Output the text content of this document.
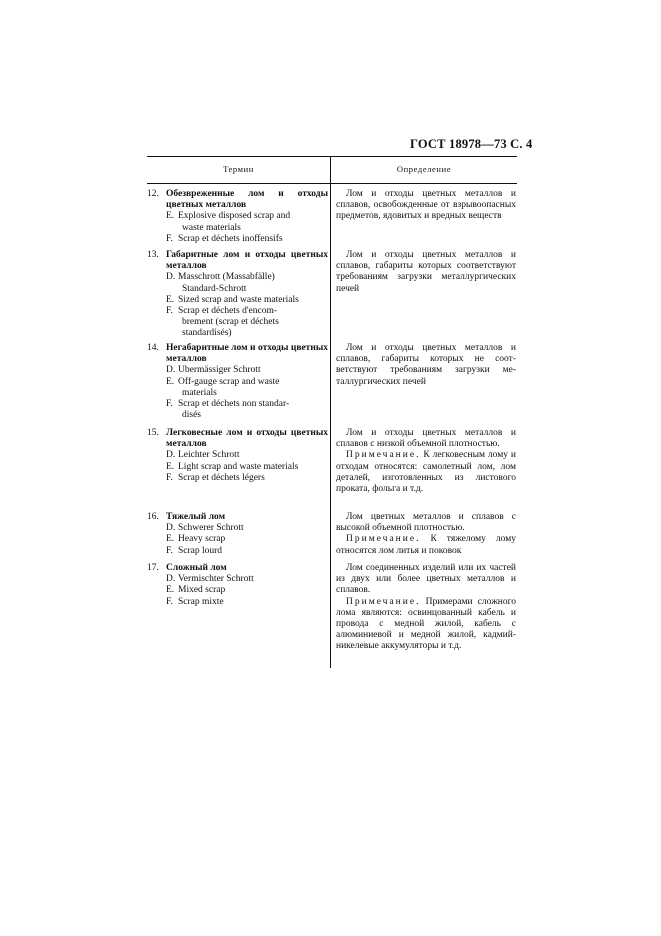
ГОСТ 18978—73 С. 4
Термин	Определение
12. Обезвреженные лом и отходы цветных металлов
E. Explosive disposed scrap and
waste materials
F. Scrap et déchets inoffensifs

Лом и отходы цветных металлов и сплавов, освобожденные от взрывоопасных предметов, ядовитых и вредных веществ

13. Габаритные лом и отходы цветных металлов
D. Masschrott (Massabfälle)
Standard-Schrott
E. Sized scrap and waste materials
F. Scrap et déchets d'encom-
brement (scrap et déchets
standardisés)

Лом и отходы цветных металлов и сплавов, габариты которых соответствуют требованиям загрузки металлургических печей

14. Негабаритные лом и отходы цветных металлов
D. Ubermässiger Schrott
E. Off-gauge scrap and waste
materials
F. Scrap et déchets non standar-
disés

Лом и отходы цветных металлов и сплавов, габариты которых не соответствуют требованиям загрузки металлургических печей

15. Легковесные лом и отходы цветных металлов
D. Leichter Schrott
E. Light scrap and waste materials
F. Scrap et déchets légers

Лом и отходы цветных металлов и сплавов с низкой объемной плотностью.

Примечание. К легковесным лому и отходам относятся: самолетный лом, лом деталей, изготовленных из листового проката, фольга и т.д.

16. Тяжелый лом
D. Schwerer Schrott
E. Heavy scrap
F. Scrap lourd

Лом цветных металлов и сплавов с высокой объемной плотностью.

Примечание. К тяжелому лому относятся лом литья и поковок

17. Сложный лом
D. Vermischter Schrott
E. Mixed scrap
F. Scrap mixte

Лом соединенных изделий или их частей из двух или более цветных металлов и сплавов.

Примечание. Примерами сложного лома являются: освинцованный кабель и провода с медной жилой, кабель с алюминиевой и медной жилой, кадмий-никелевые аккумуляторы и т.д.
